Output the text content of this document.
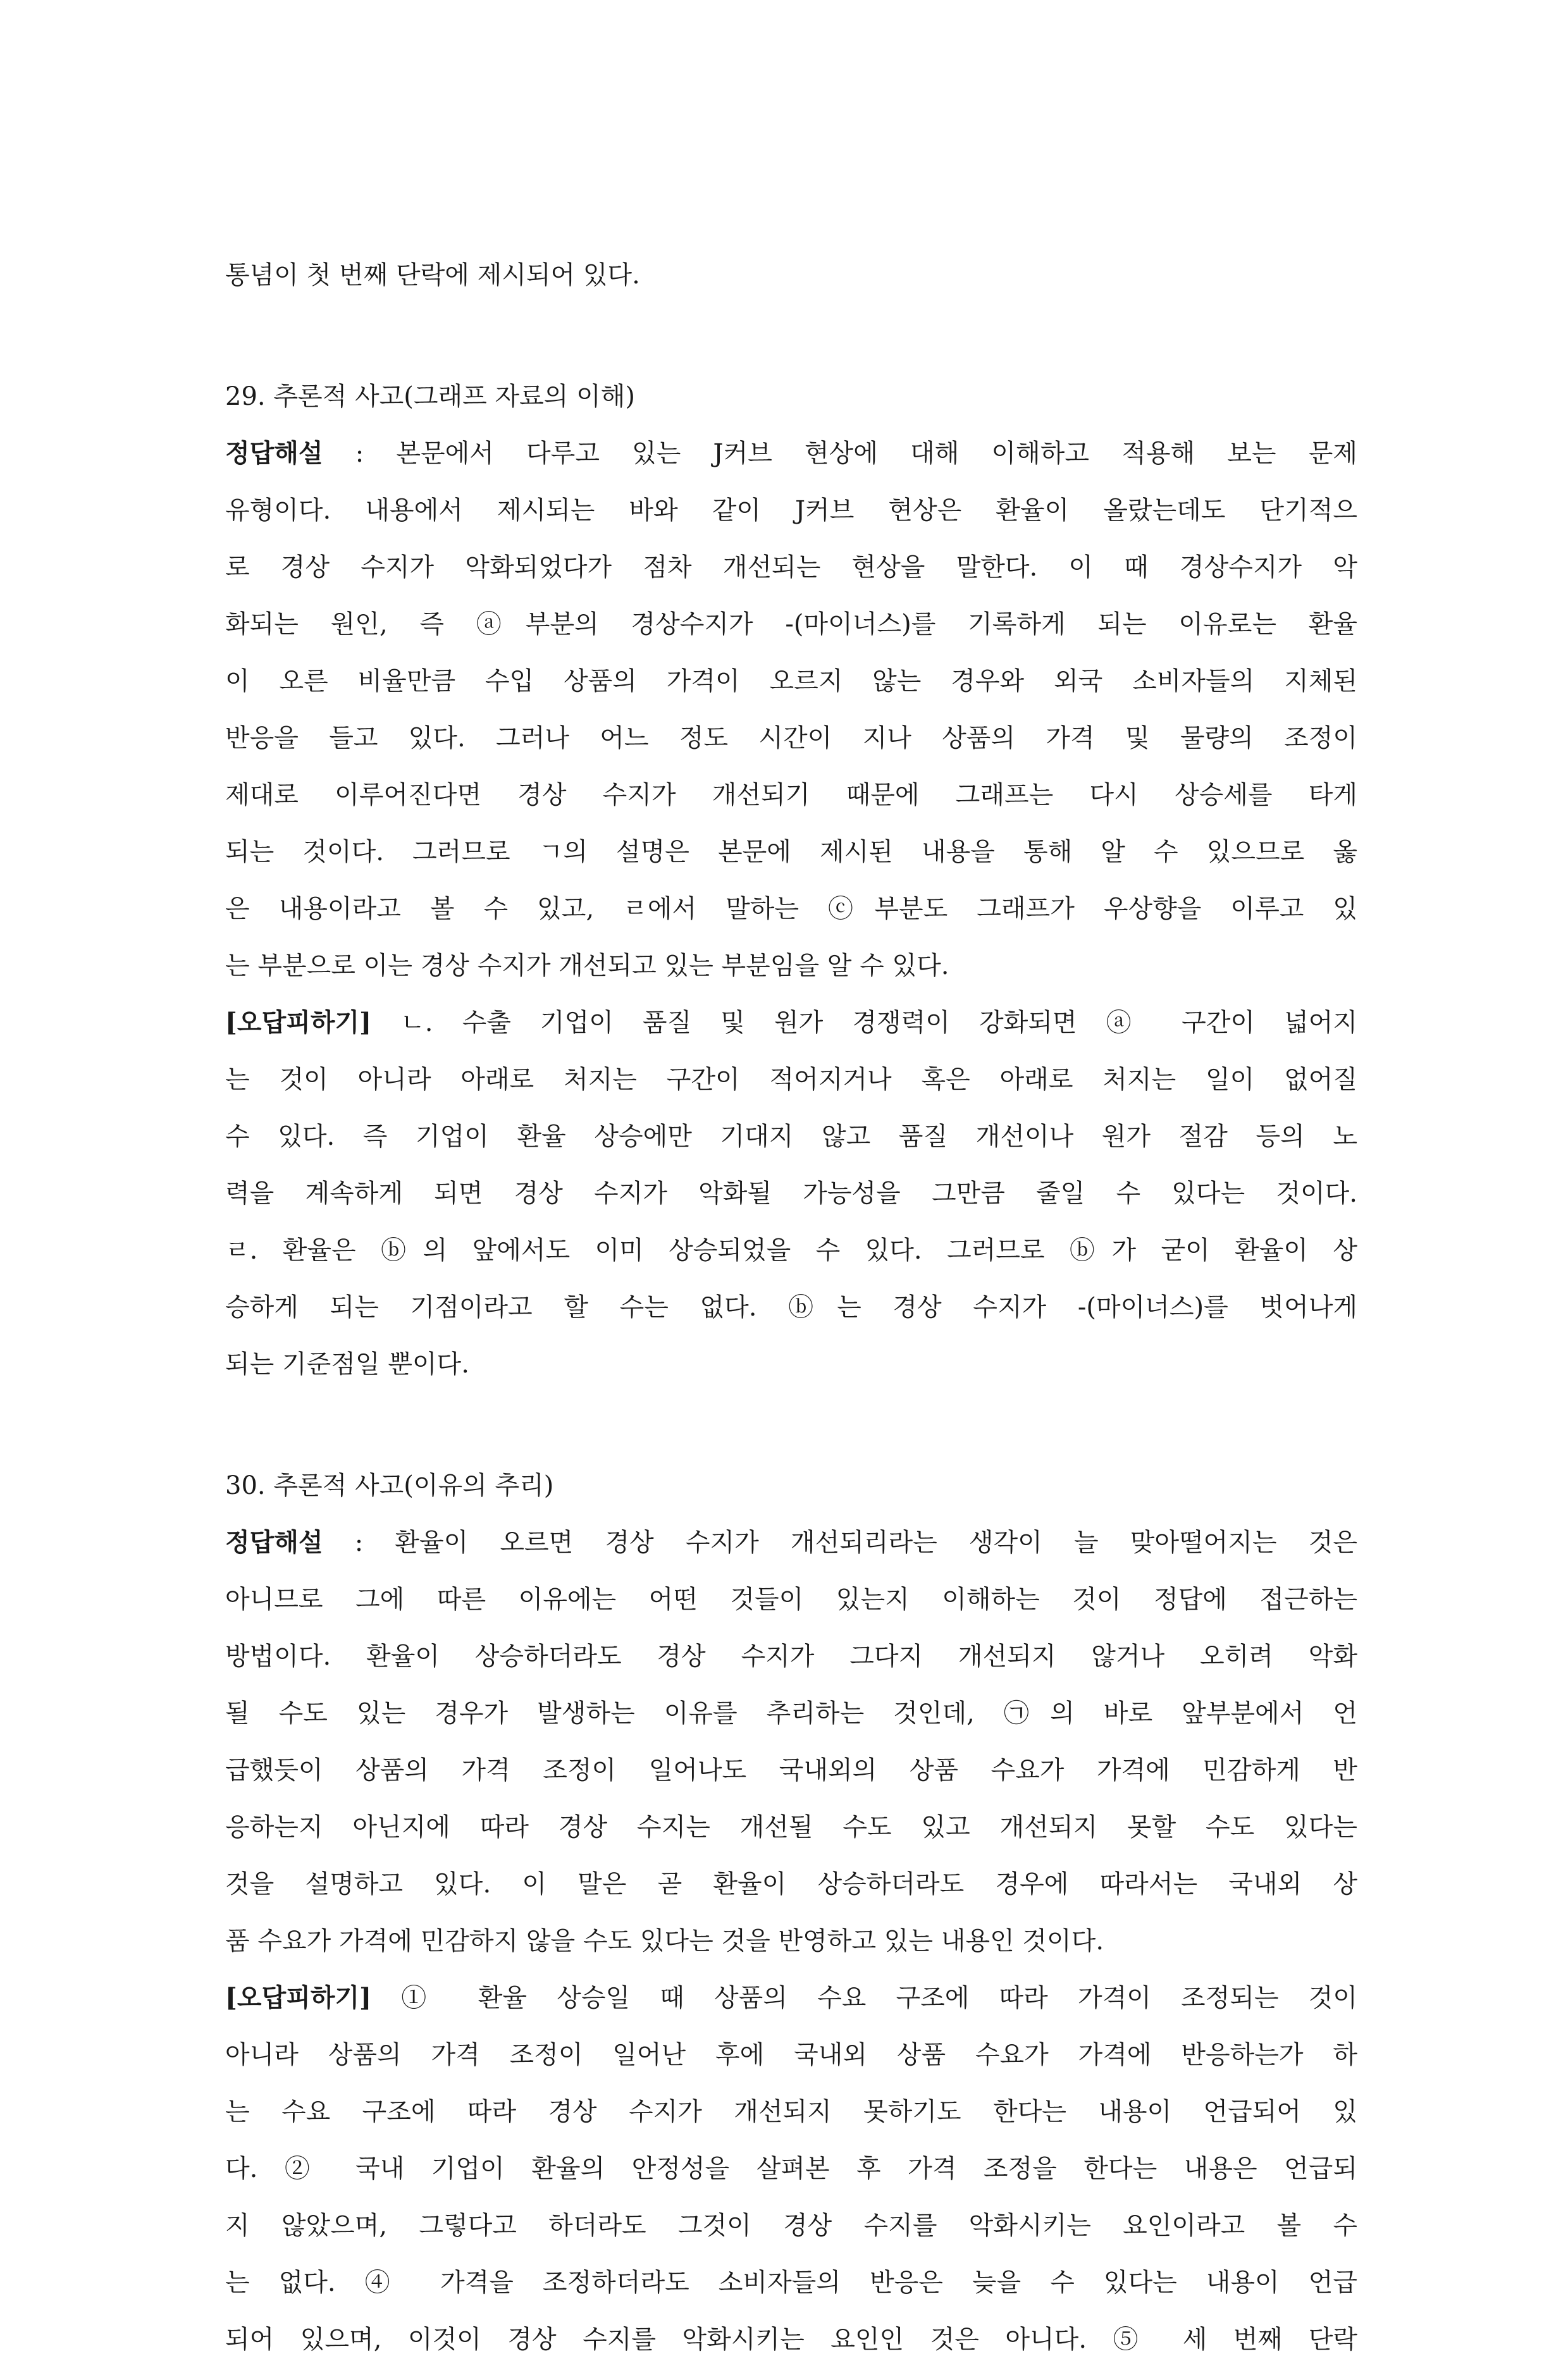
통념이 첫 번째 단락에 제시되어 있다.
29. 추론적 사고(그래프 자료의 이해)
정답해설 : 본문에서 다루고 있는 J커브 현상에 대해 이해하고 적용해 보는 문제
유형이다. 내용에서 제시되는 바와 같이 J커브 현상은 환율이 올랐는데도 단기적으
로 경상 수지가 악화되었다가 점차 개선되는 현상을 말한다. 이 때 경상수지가 악
화되는 원인, 즉 ⓐ부분의 경상수지가 -(마이너스)를 기록하게 되는 이유로는 환율
이 오른 비율만큼 수입 상품의 가격이 오르지 않는 경우와 외국 소비자들의 지체된
반응을 들고 있다. 그러나 어느 정도 시간이 지나 상품의 가격 및 물량의 조정이
제대로 이루어진다면 경상 수지가 개선되기 때문에 그래프는 다시 상승세를 타게
되는 것이다. 그러므로 ㄱ의 설명은 본문에 제시된 내용을 통해 알 수 있으므로 옳
은 내용이라고 볼 수 있고, ㄹ에서 말하는 ⓒ부분도 그래프가 우상향을 이루고 있
는 부분으로 이는 경상 수지가 개선되고 있는 부분임을 알 수 있다.
[오답피하기] ㄴ. 수출 기업이 품질 및 원가 경쟁력이 강화되면 ⓐ 구간이 넓어지
는 것이 아니라 아래로 처지는 구간이 적어지거나 혹은 아래로 처지는 일이 없어질
수 있다. 즉 기업이 환율 상승에만 기대지 않고 품질 개선이나 원가 절감 등의 노
력을 계속하게 되면 경상 수지가 악화될 가능성을 그만큼 줄일 수 있다는 것이다.
ㄹ. 환율은 ⓑ의 앞에서도 이미 상승되었을 수 있다. 그러므로 ⓑ가 굳이 환율이 상
승하게 되는 기점이라고 할 수는 없다. ⓑ는 경상 수지가 -(마이너스)를 벗어나게
되는 기준점일 뿐이다.
30. 추론적 사고(이유의 추리)
정답해설 : 환율이 오르면 경상 수지가 개선되리라는 생각이 늘 맞아떨어지는 것은
아니므로 그에 따른 이유에는 어떤 것들이 있는지 이해하는 것이 정답에 접근하는
방법이다. 환율이 상승하더라도 경상 수지가 그다지 개선되지 않거나 오히려 악화
될 수도 있는 경우가 발생하는 이유를 추리하는 것인데, ㉠의 바로 앞부분에서 언
급했듯이 상품의 가격 조정이 일어나도 국내외의 상품 수요가 가격에 민감하게 반
응하는지 아닌지에 따라 경상 수지는 개선될 수도 있고 개선되지 못할 수도 있다는
것을 설명하고 있다. 이 말은 곧 환율이 상승하더라도 경우에 따라서는 국내외 상
품 수요가 가격에 민감하지 않을 수도 있다는 것을 반영하고 있는 내용인 것이다.
[오답피하기] ① 환율 상승일 때 상품의 수요 구조에 따라 가격이 조정되는 것이
아니라 상품의 가격 조정이 일어난 후에 국내외 상품 수요가 가격에 반응하는가 하
는 수요 구조에 따라 경상 수지가 개선되지 못하기도 한다는 내용이 언급되어 있
다. ② 국내 기업이 환율의 안정성을 살펴본 후 가격 조정을 한다는 내용은 언급되
지 않았으며, 그렇다고 하더라도 그것이 경상 수지를 악화시키는 요인이라고 볼 수
는 없다. ④ 가격을 조정하더라도 소비자들의 반응은 늦을 수 있다는 내용이 언급
되어 있으며, 이것이 경상 수지를 악화시키는 요인인 것은 아니다. ⑤ 세 번째 단락
